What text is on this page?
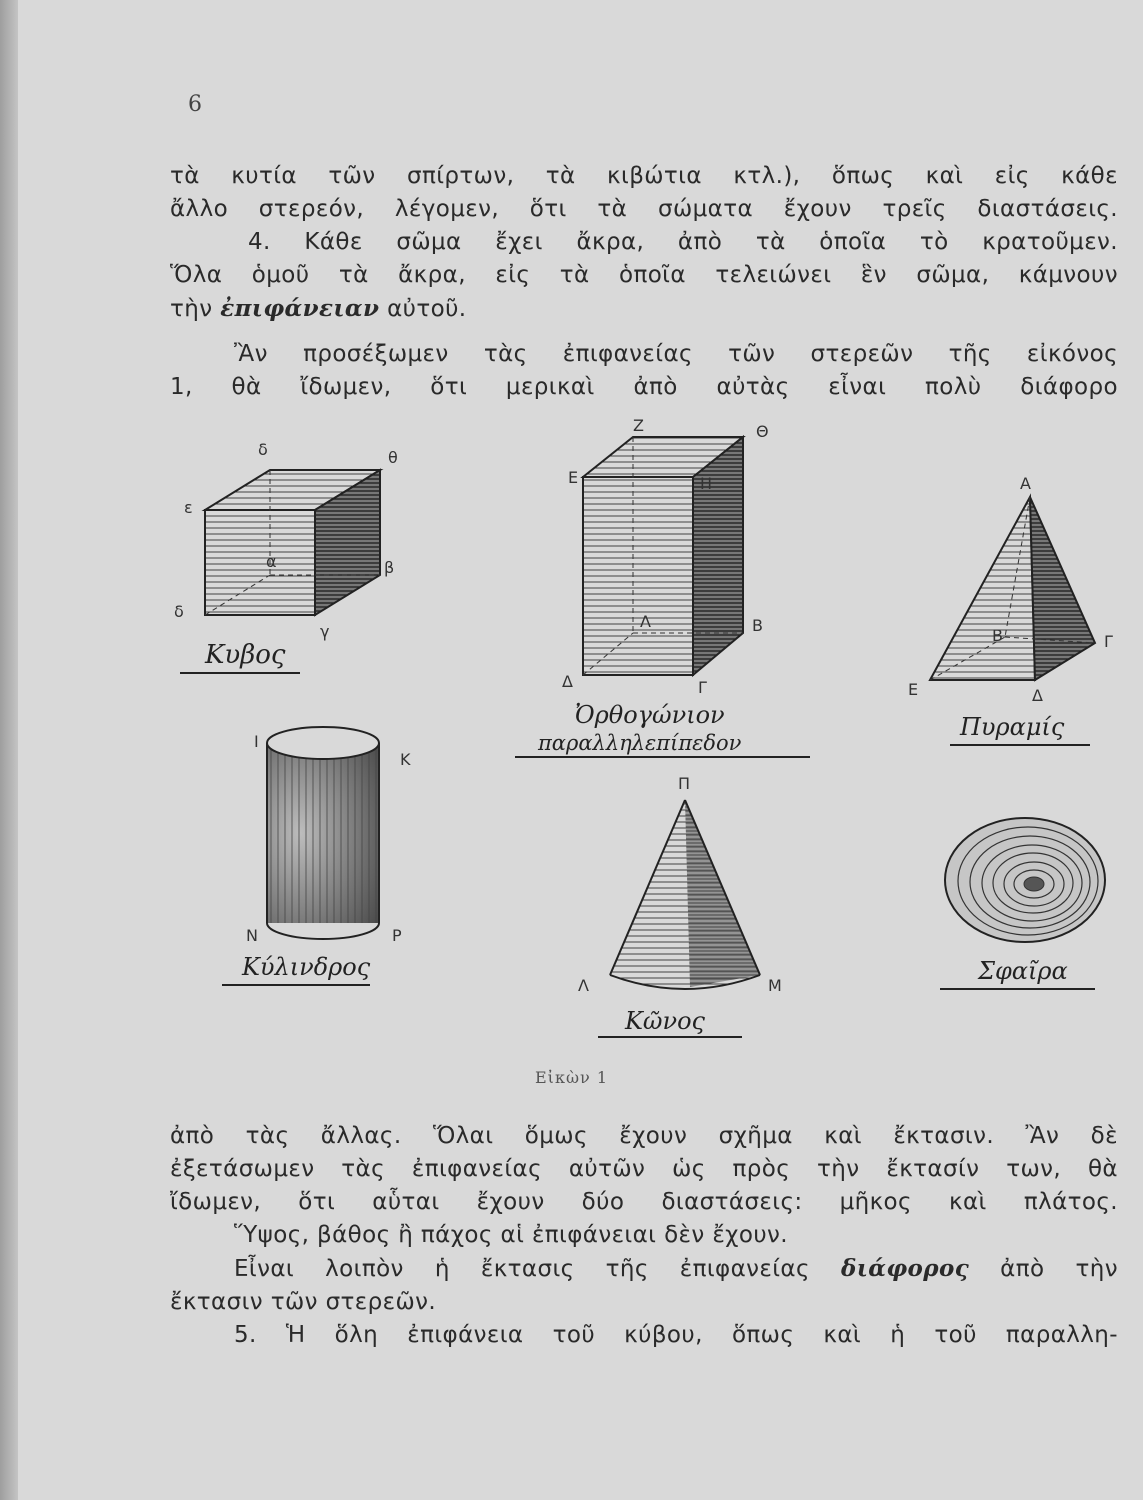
6
τὰ κυτία τῶν σπίρτων, τὰ κιβώτια κτλ.), ὅπως καὶ εἰς κάθε
ἄλλο στερεόν, λέγομεν, ὅτι τὰ σώματα ἔχουν τρεῖς διαστάσεις.
4. Κάθε σῶμα ἔχει ἄκρα, ἀπὸ τὰ ὁποῖα τὸ κρατοῦμεν.
Ὅλα ὁμοῦ τὰ ἄκρα, εἰς τὰ ὁποῖα τελειώνει ἓν σῶμα, κάμνουν
τὴν ἐπιφάνειαν αὐτοῦ.
Ἂν προσέξωμεν τὰς ἐπιφανείας τῶν στερεῶν τῆς εἰκόνος
1, θὰ ἴδωμεν, ὅτι μερικαὶ ἀπὸ αὐτὰς εἶναι πολὺ διάφορο
δ	θ
ε
α	β
δ
γ
Κυβος
Ζ	Θ
Ε	Η
Λ	Β
Δ	Γ
Ὀρθογώνιον
παραλληλεπίπεδον
Α
Β	Γ
Ε	Δ
Πυραμίς
Ι
Κ
Ν	Ρ
Κύλινδρος
Π
Λ	Μ
Κῶνος
Σφαῖρα
Εἰκὼν 1
ἀπὸ τὰς ἄλλας. Ὅλαι ὅμως ἔχουν σχῆμα καὶ ἔκτασιν. Ἂν δὲ
ἐξετάσωμεν τὰς ἐπιφανείας αὐτῶν ὡς πρὸς τὴν ἔκτασίν των, θὰ
ἴδωμεν, ὅτι αὗται ἔχουν δύο διαστάσεις: μῆκος καὶ πλάτος.
Ὕψος, βάθος ἢ πάχος αἱ ἐπιφάνειαι δὲν ἔχουν.
Εἶναι λοιπὸν ἡ ἔκτασις τῆς ἐπιφανείας διάφορος ἀπὸ τὴν
ἔκτασιν τῶν στερεῶν.
5. Ἡ ὅλη ἐπιφάνεια τοῦ κύβου, ὅπως καὶ ἡ τοῦ παραλλη-
